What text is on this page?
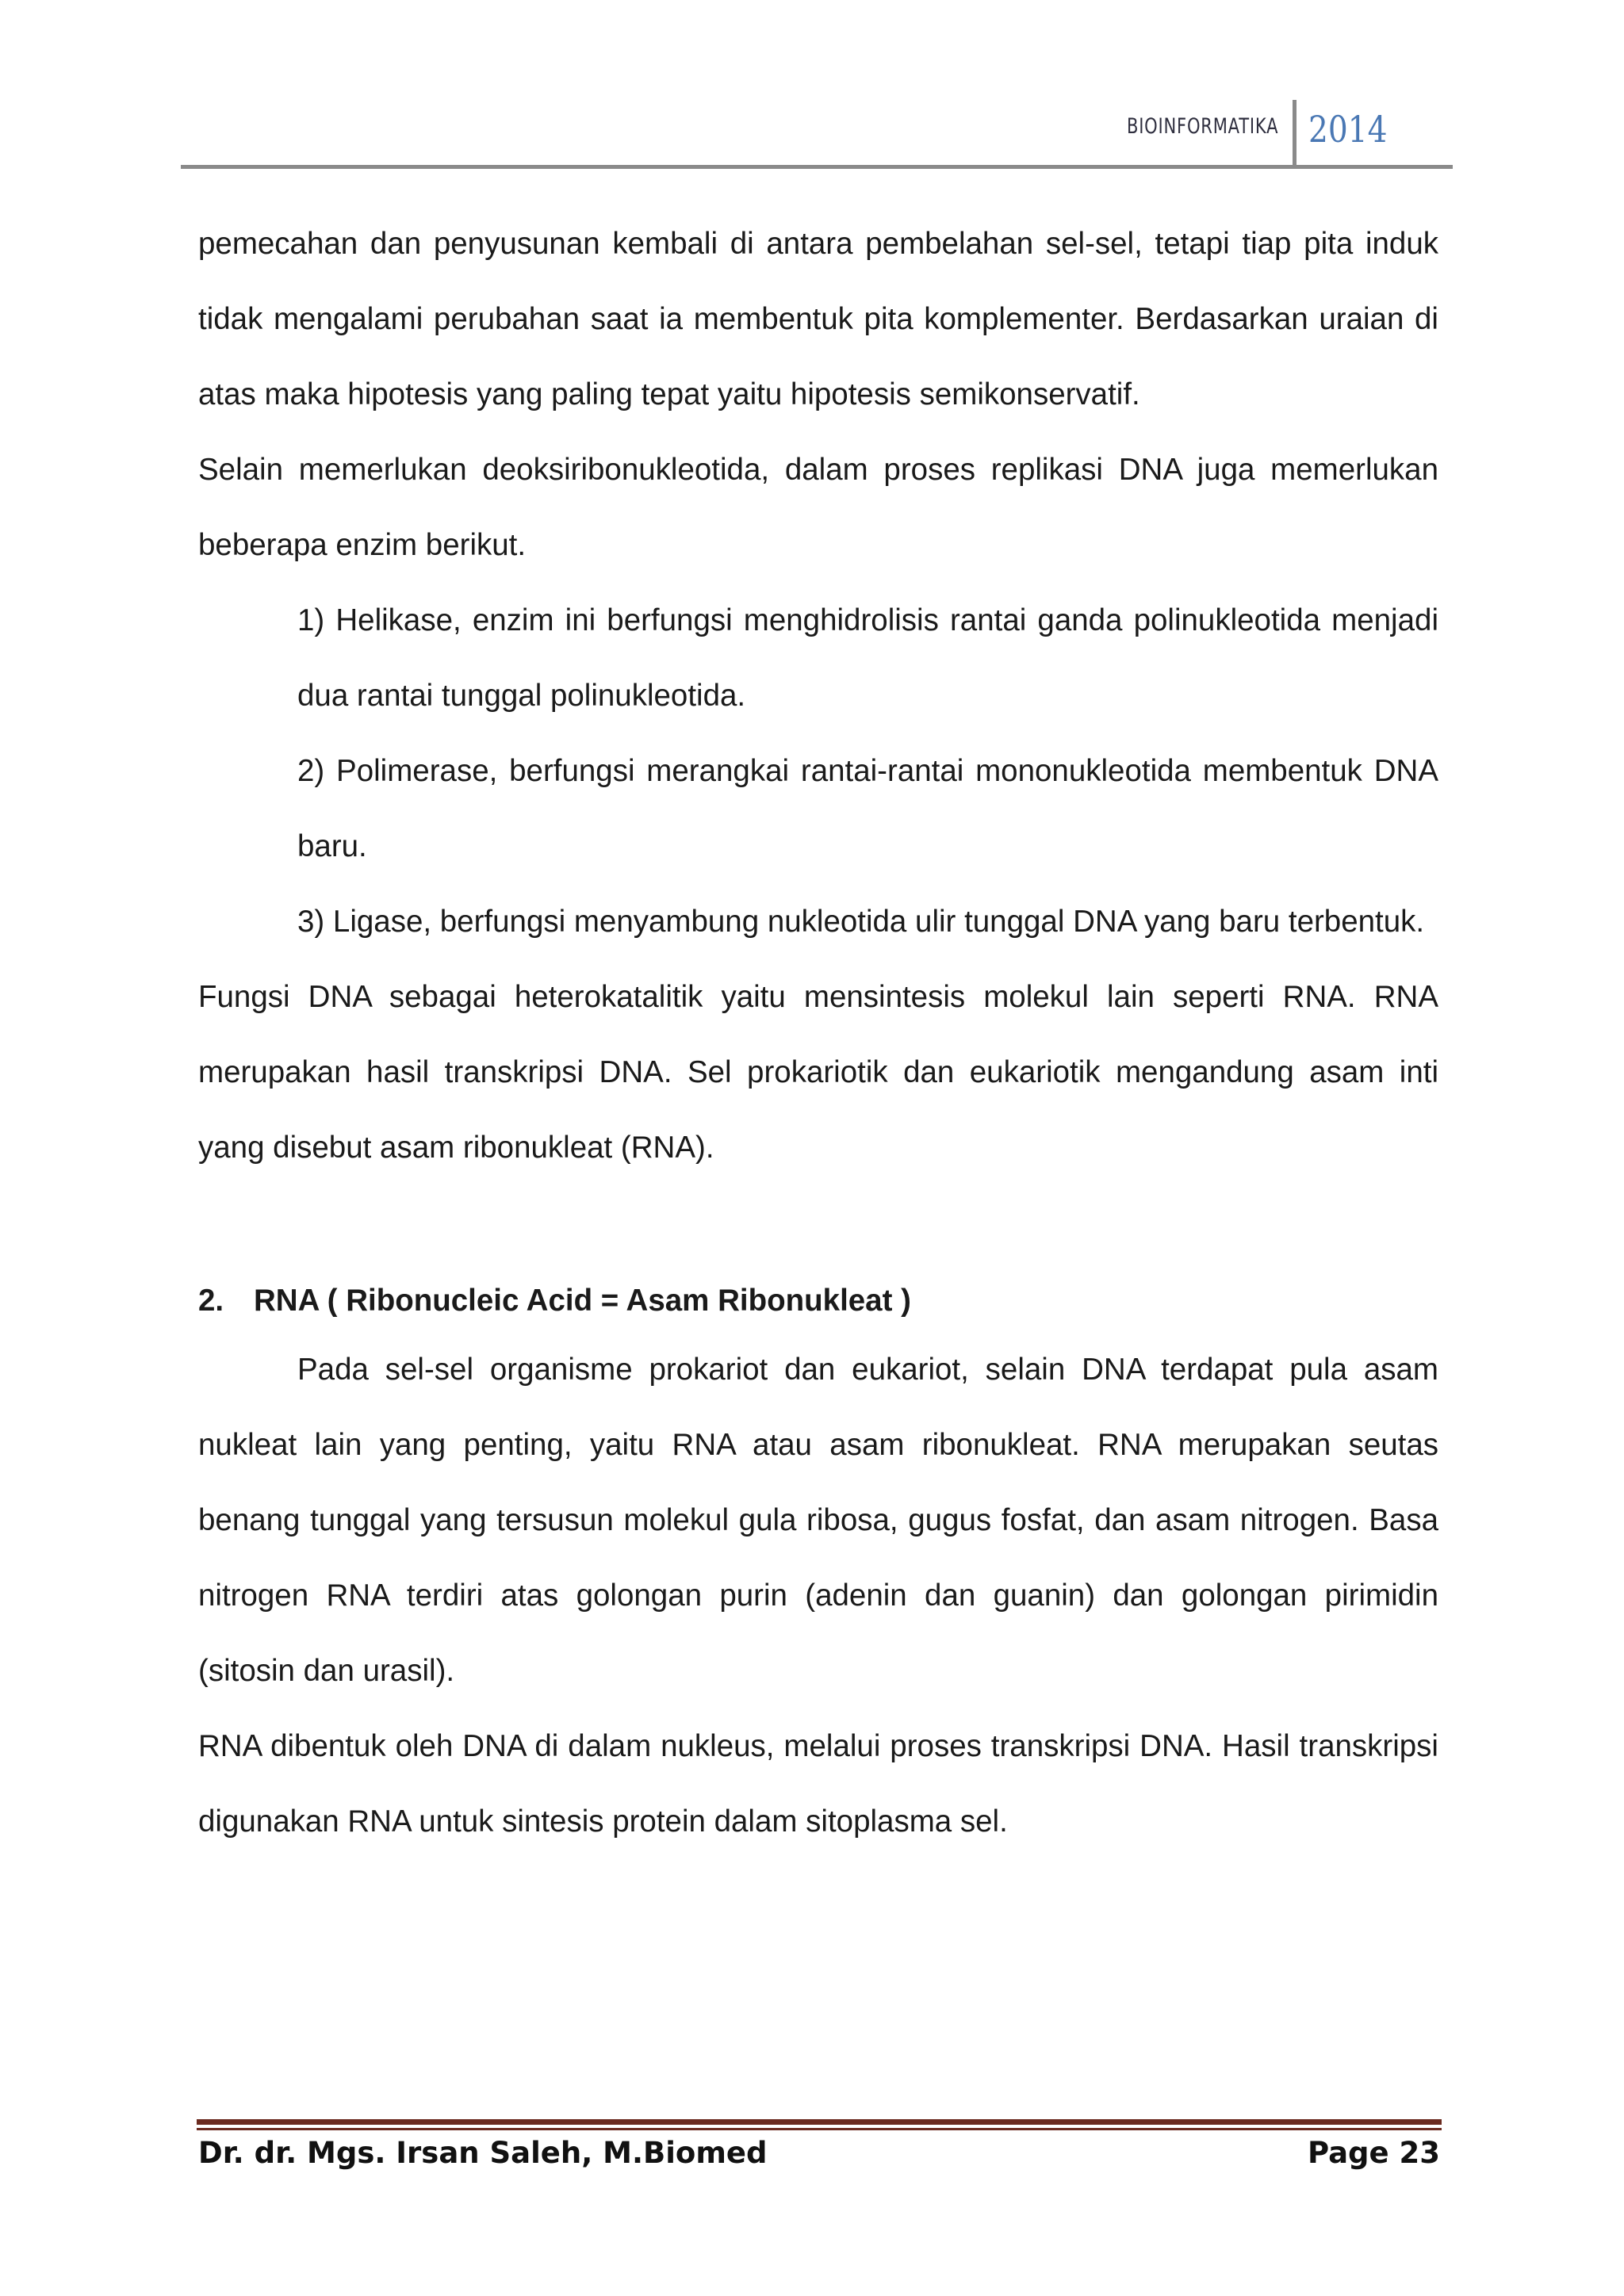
BIOINFORMATIKA 2014

pemecahan dan penyusunan kembali di antara pembelahan sel-sel, tetapi tiap pita induk tidak mengalami perubahan saat ia membentuk pita komplementer. Berdasarkan uraian di atas maka hipotesis yang paling tepat yaitu hipotesis semikonservatif.

Selain memerlukan deoksiribonukleotida, dalam proses replikasi DNA juga memerlukan beberapa enzim berikut.

1) Helikase, enzim ini berfungsi menghidrolisis rantai ganda polinukleotida menjadi dua rantai tunggal polinukleotida.
2) Polimerase, berfungsi merangkai rantai-rantai mononukleotida membentuk DNA baru.
3) Ligase, berfungsi menyambung nukleotida ulir tunggal DNA yang baru terbentuk.

Fungsi DNA sebagai heterokatalitik yaitu mensintesis molekul lain seperti RNA. RNA merupakan hasil transkripsi DNA. Sel prokariotik dan eukariotik mengandung asam inti yang disebut asam ribonukleat (RNA).

2. RNA ( Ribonucleic Acid = Asam Ribonukleat )

Pada sel-sel organisme prokariot dan eukariot, selain DNA terdapat pula asam nukleat lain yang penting, yaitu RNA atau asam ribonukleat. RNA merupakan seutas benang tunggal yang tersusun molekul gula ribosa, gugus fosfat, dan asam nitrogen. Basa nitrogen RNA terdiri atas golongan purin (adenin dan guanin) dan golongan pirimidin (sitosin dan urasil).

RNA dibentuk oleh DNA di dalam nukleus, melalui proses transkripsi DNA. Hasil transkripsi digunakan RNA untuk sintesis protein dalam sitoplasma sel.

Dr. dr. Mgs. Irsan Saleh, M.Biomed	Page 23
